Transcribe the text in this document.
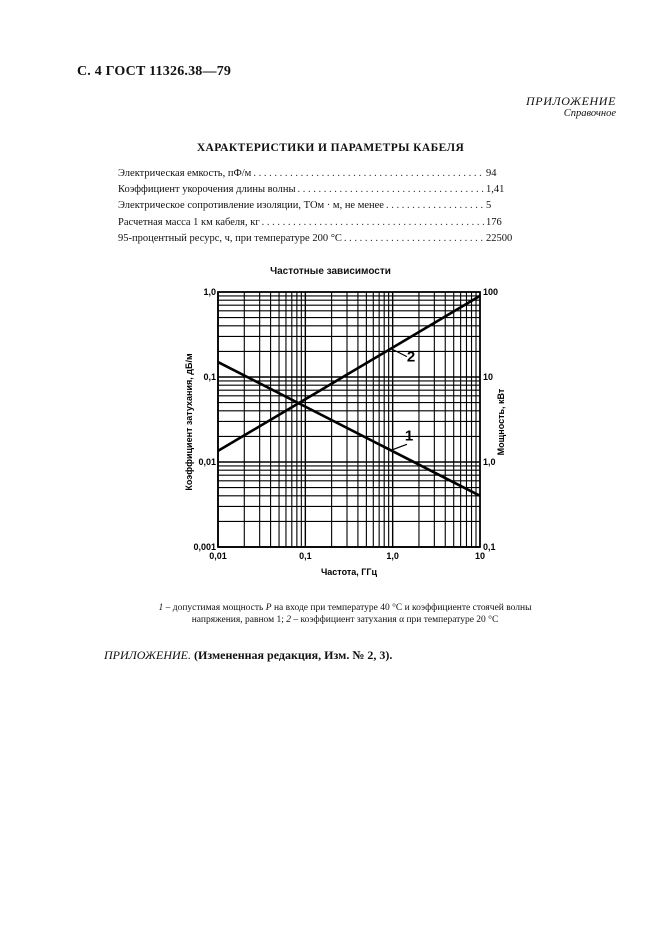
С. 4 ГОСТ 11326.38—79
ПРИЛОЖЕНИЕ
Справочное
ХАРАКТЕРИСТИКИ И ПАРАМЕТРЫ КАБЕЛЯ
Электрическая емкость, пФ/м . . .	94
Коэффициент укорочения длины волны . . .	1,41
Электрическое сопротивление изоляции, ТОм · м, не менее . . .	5
Расчетная масса 1 км кабеля, кг . . .	176
95-процентный ресурс, ч, при температуре 200 °С . . .	22500
Частотные зависимости
1
2
0,01	0,1	1,0	10
0,001
0,01
0,1
1,0
0,1
1,0
10
100
Коэффициент затухания, дБ/м	Мощность, кВт
Частота, ГГц
1 – допустимая мощность P на входе при температуре 40 °С и коэффициенте стоячей волны напряжения, равном 1; 2 – коэффициент затухания α при температуре 20 °С
ПРИЛОЖЕНИЕ. (Измененная редакция, Изм. № 2, 3).
